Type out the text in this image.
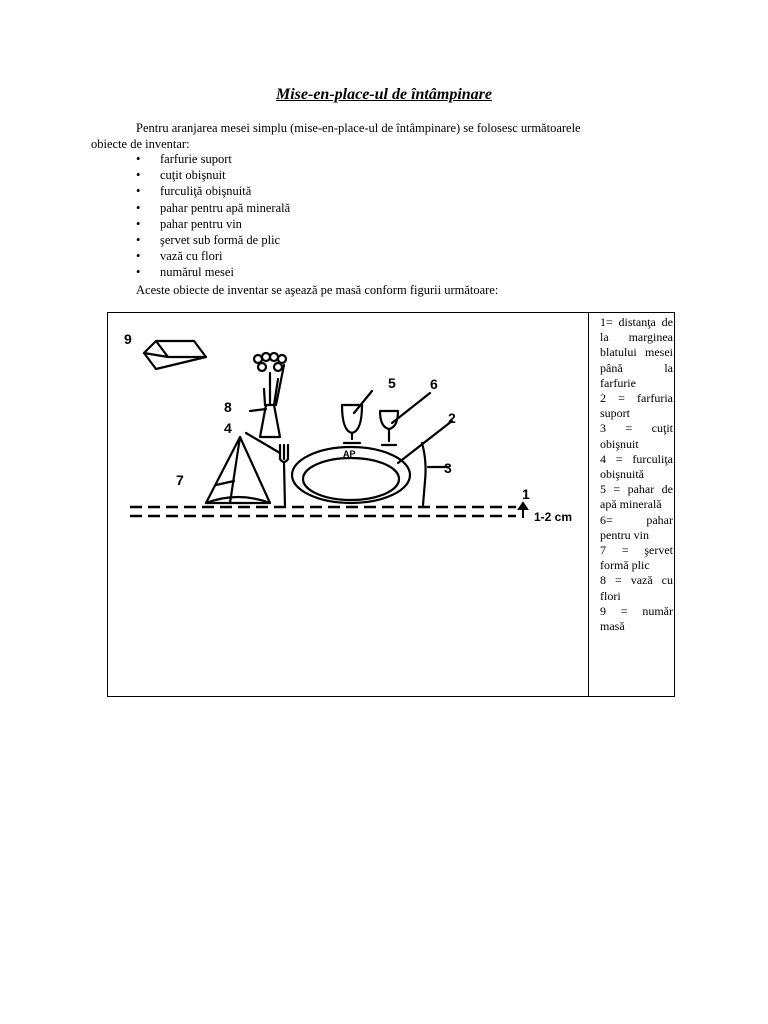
Mise-en-place-ul de întâmpinare
Pentru aranjarea mesei simplu (mise-en-place-ul de întâmpinare) se folosesc următoarele
obiecte de inventar:
• farfurie suport
• cuţit obişnuit
• furculiţă obişnuită
• pahar pentru apă minerală
• pahar pentru vin
• şervet sub formă de plic
• vază cu flori
• numărul mesei
Aceste obiecte de inventar se aşează pe masă conform figurii următoare:
9
8
5 6
4
2
7
3
1
AP
1-2 cm
1= distanţa de la marginea blatului mesei până la farfurie
2 = farfuria suport
3 = cuţit obişnuit
4 = furculiţa obişnuită
5 = pahar de apă minerală
6= pahar pentru vin
7 = şervet formă plic
8 = vază cu flori
9 = număr masă
